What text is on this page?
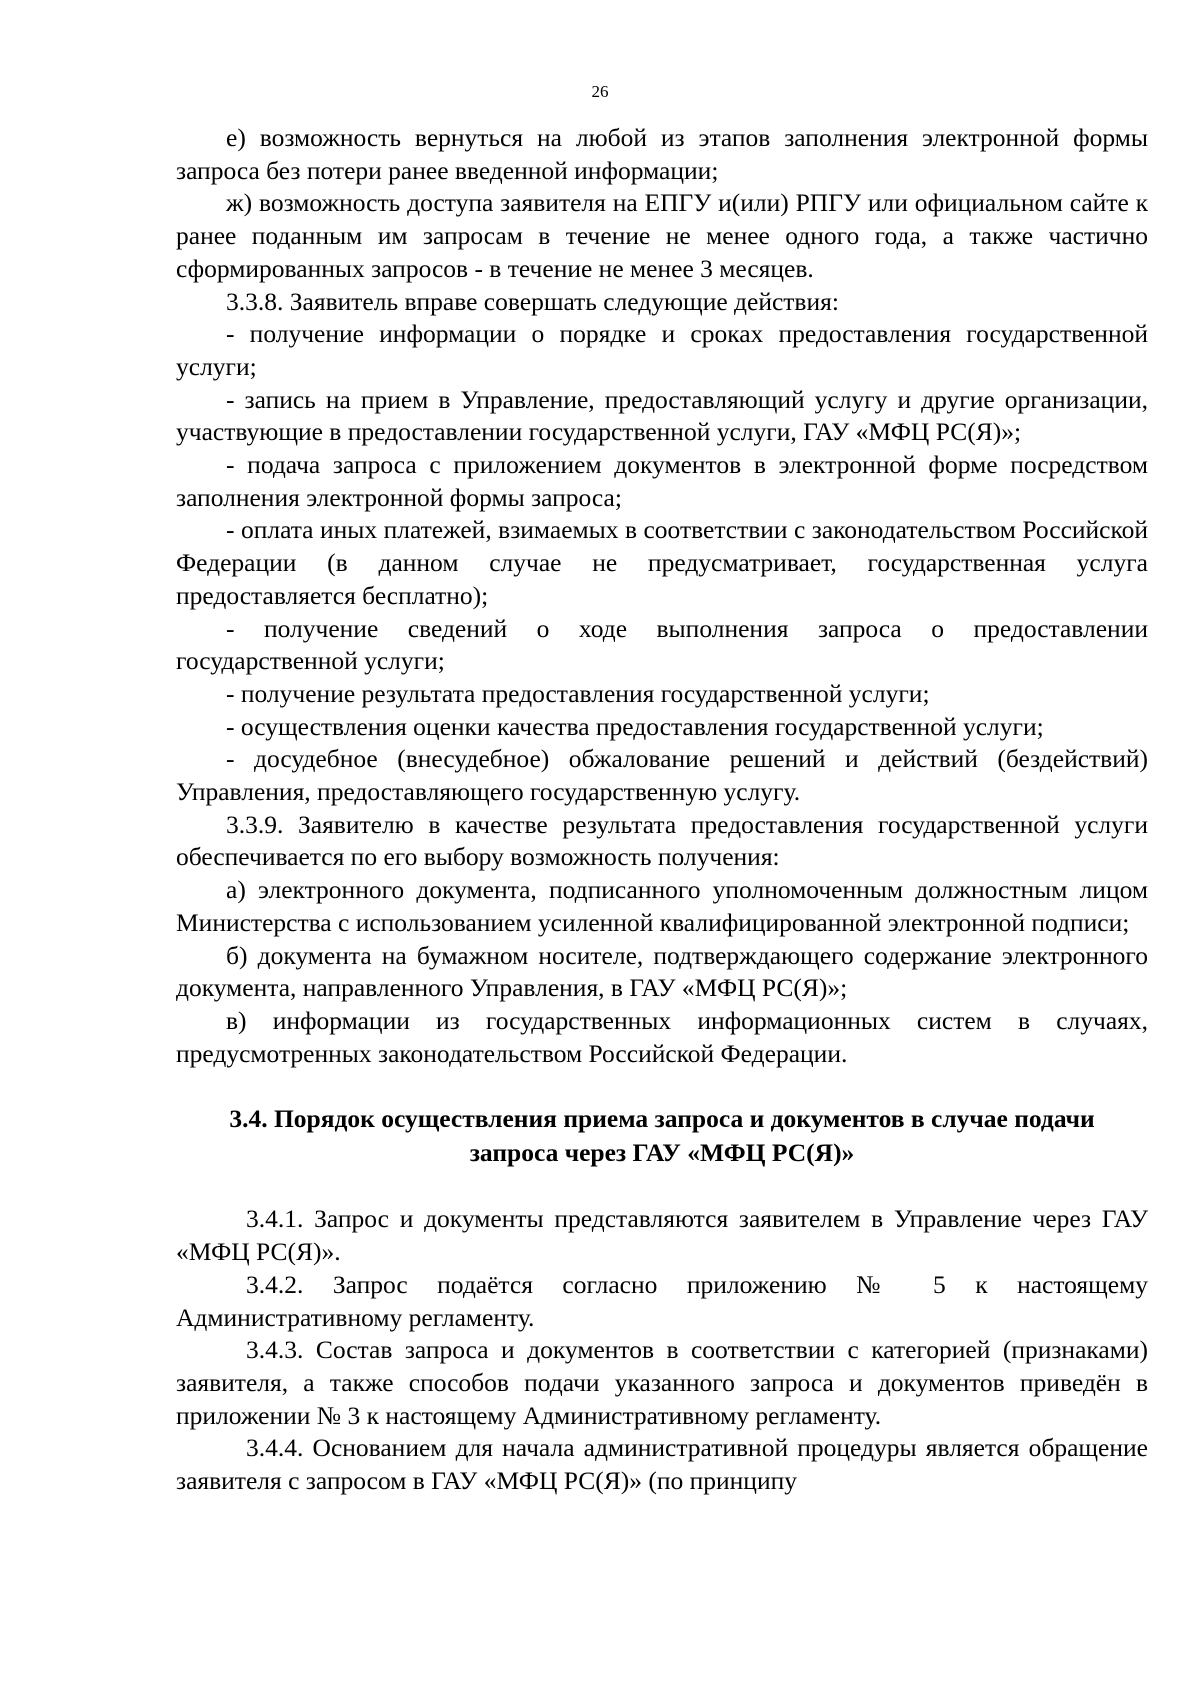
26

е) возможность вернуться на любой из этапов заполнения электронной формы запроса без потери ранее введенной информации;

ж) возможность доступа заявителя на ЕПГУ и(или) РПГУ или официальном сайте к ранее поданным им запросам в течение не менее одного года, а также частично сформированных запросов - в течение не менее 3 месяцев.

3.3.8. Заявитель вправе совершать следующие действия:

- получение информации о порядке и сроках предоставления государственной услуги;

- запись на прием в Управление, предоставляющий услугу и другие организации, участвующие в предоставлении государственной услуги, ГАУ «МФЦ РС(Я)»;

- подача запроса с приложением документов в электронной форме посредством заполнения электронной формы запроса;

- оплата иных платежей, взимаемых в соответствии с законодательством Российской Федерации (в данном случае не предусматривает, государственная услуга предоставляется бесплатно);

- получение сведений о ходе выполнения запроса о предоставлении государственной услуги;

- получение результата предоставления государственной услуги;

- осуществления оценки качества предоставления государственной услуги;

- досудебное (внесудебное) обжалование решений и действий (бездействий) Управления, предоставляющего государственную услугу.

3.3.9. Заявителю в качестве результата предоставления государственной услуги обеспечивается по его выбору возможность получения:

а) электронного документа, подписанного уполномоченным должностным лицом Министерства с использованием усиленной квалифицированной электронной подписи;

б) документа на бумажном носителе, подтверждающего содержание электронного документа, направленного Управления, в ГАУ «МФЦ РС(Я)»;

в) информации из государственных информационных систем в случаях, предусмотренных законодательством Российской Федерации.

3.4. Порядок осуществления приема запроса и документов в случае подачи
запроса через ГАУ «МФЦ РС(Я)»

3.4.1. Запрос и документы представляются заявителем в Управление через ГАУ «МФЦ РС(Я)».

3.4.2. Запрос подаётся согласно приложению № 5 к настоящему Административному регламенту.

3.4.3. Состав запроса и документов в соответствии с категорией (признаками) заявителя, а также способов подачи указанного запроса и документов приведён в приложении № 3 к настоящему Административному регламенту.

3.4.4. Основанием для начала административной процедуры является обращение заявителя с запросом в ГАУ «МФЦ РС(Я)» (по принципу
